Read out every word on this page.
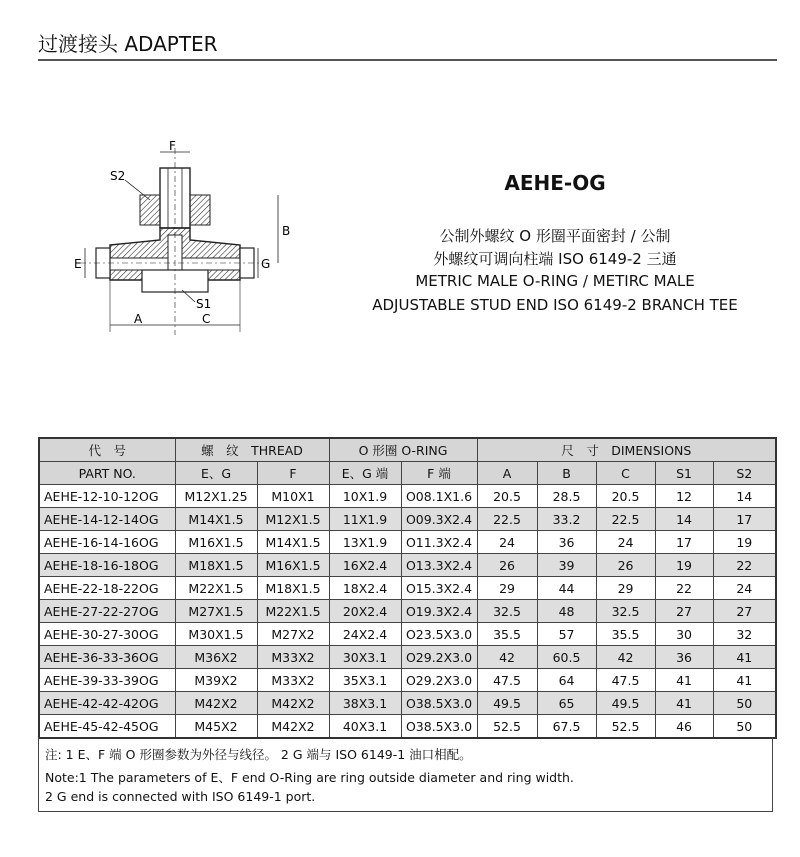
过渡接头 ADAPTER
F
S2
B
E	G
S1
A	C
AEHE-OG
公制外螺纹 O 形圈平面密封 / 公制
外螺纹可调向柱端 ISO 6149-2 三通
METRIC MALE O-RING / METIRC MALE
ADJUSTABLE STUD END ISO 6149-2 BRANCH TEE
代　号	螺　纹　THREAD		O 形圈 O-RING		尺　寸　DIMENSIONS				
PART NO.	E、G	F	E、G 端	F 端	A	B	C	S1	S2
AEHE-12-10-12OG	M12X1.25	M10X1	10X1.9	O08.1X1.6	20.5	28.5	20.5	12	14
AEHE-14-12-14OG	M14X1.5	M12X1.5	11X1.9	O09.3X2.4	22.5	33.2	22.5	14	17
AEHE-16-14-16OG	M16X1.5	M14X1.5	13X1.9	O11.3X2.4	24	36	24	17	19
AEHE-18-16-18OG	M18X1.5	M16X1.5	16X2.4	O13.3X2.4	26	39	26	19	22
AEHE-22-18-22OG	M22X1.5	M18X1.5	18X2.4	O15.3X2.4	29	44	29	22	24
AEHE-27-22-27OG	M27X1.5	M22X1.5	20X2.4	O19.3X2.4	32.5	48	32.5	27	27
AEHE-30-27-30OG	M30X1.5	M27X2	24X2.4	O23.5X3.0	35.5	57	35.5	30	32
AEHE-36-33-36OG	M36X2	M33X2	30X3.1	O29.2X3.0	42	60.5	42	36	41
AEHE-39-33-39OG	M39X2	M33X2	35X3.1	O29.2X3.0	47.5	64	47.5	41	41
AEHE-42-42-42OG	M42X2	M42X2	38X3.1	O38.5X3.0	49.5	65	49.5	41	50
AEHE-45-42-45OG	M45X2	M42X2	40X3.1	O38.5X3.0	52.5	67.5	52.5	46	50
注: 1 E、F 端 O 形圈参数为外径与线径。 2 G 端与 ISO 6149-1 油口相配。
Note:1 The parameters of E、F end O-Ring are ring outside diameter and ring width.
2 G end is connected with ISO 6149-1 port.
